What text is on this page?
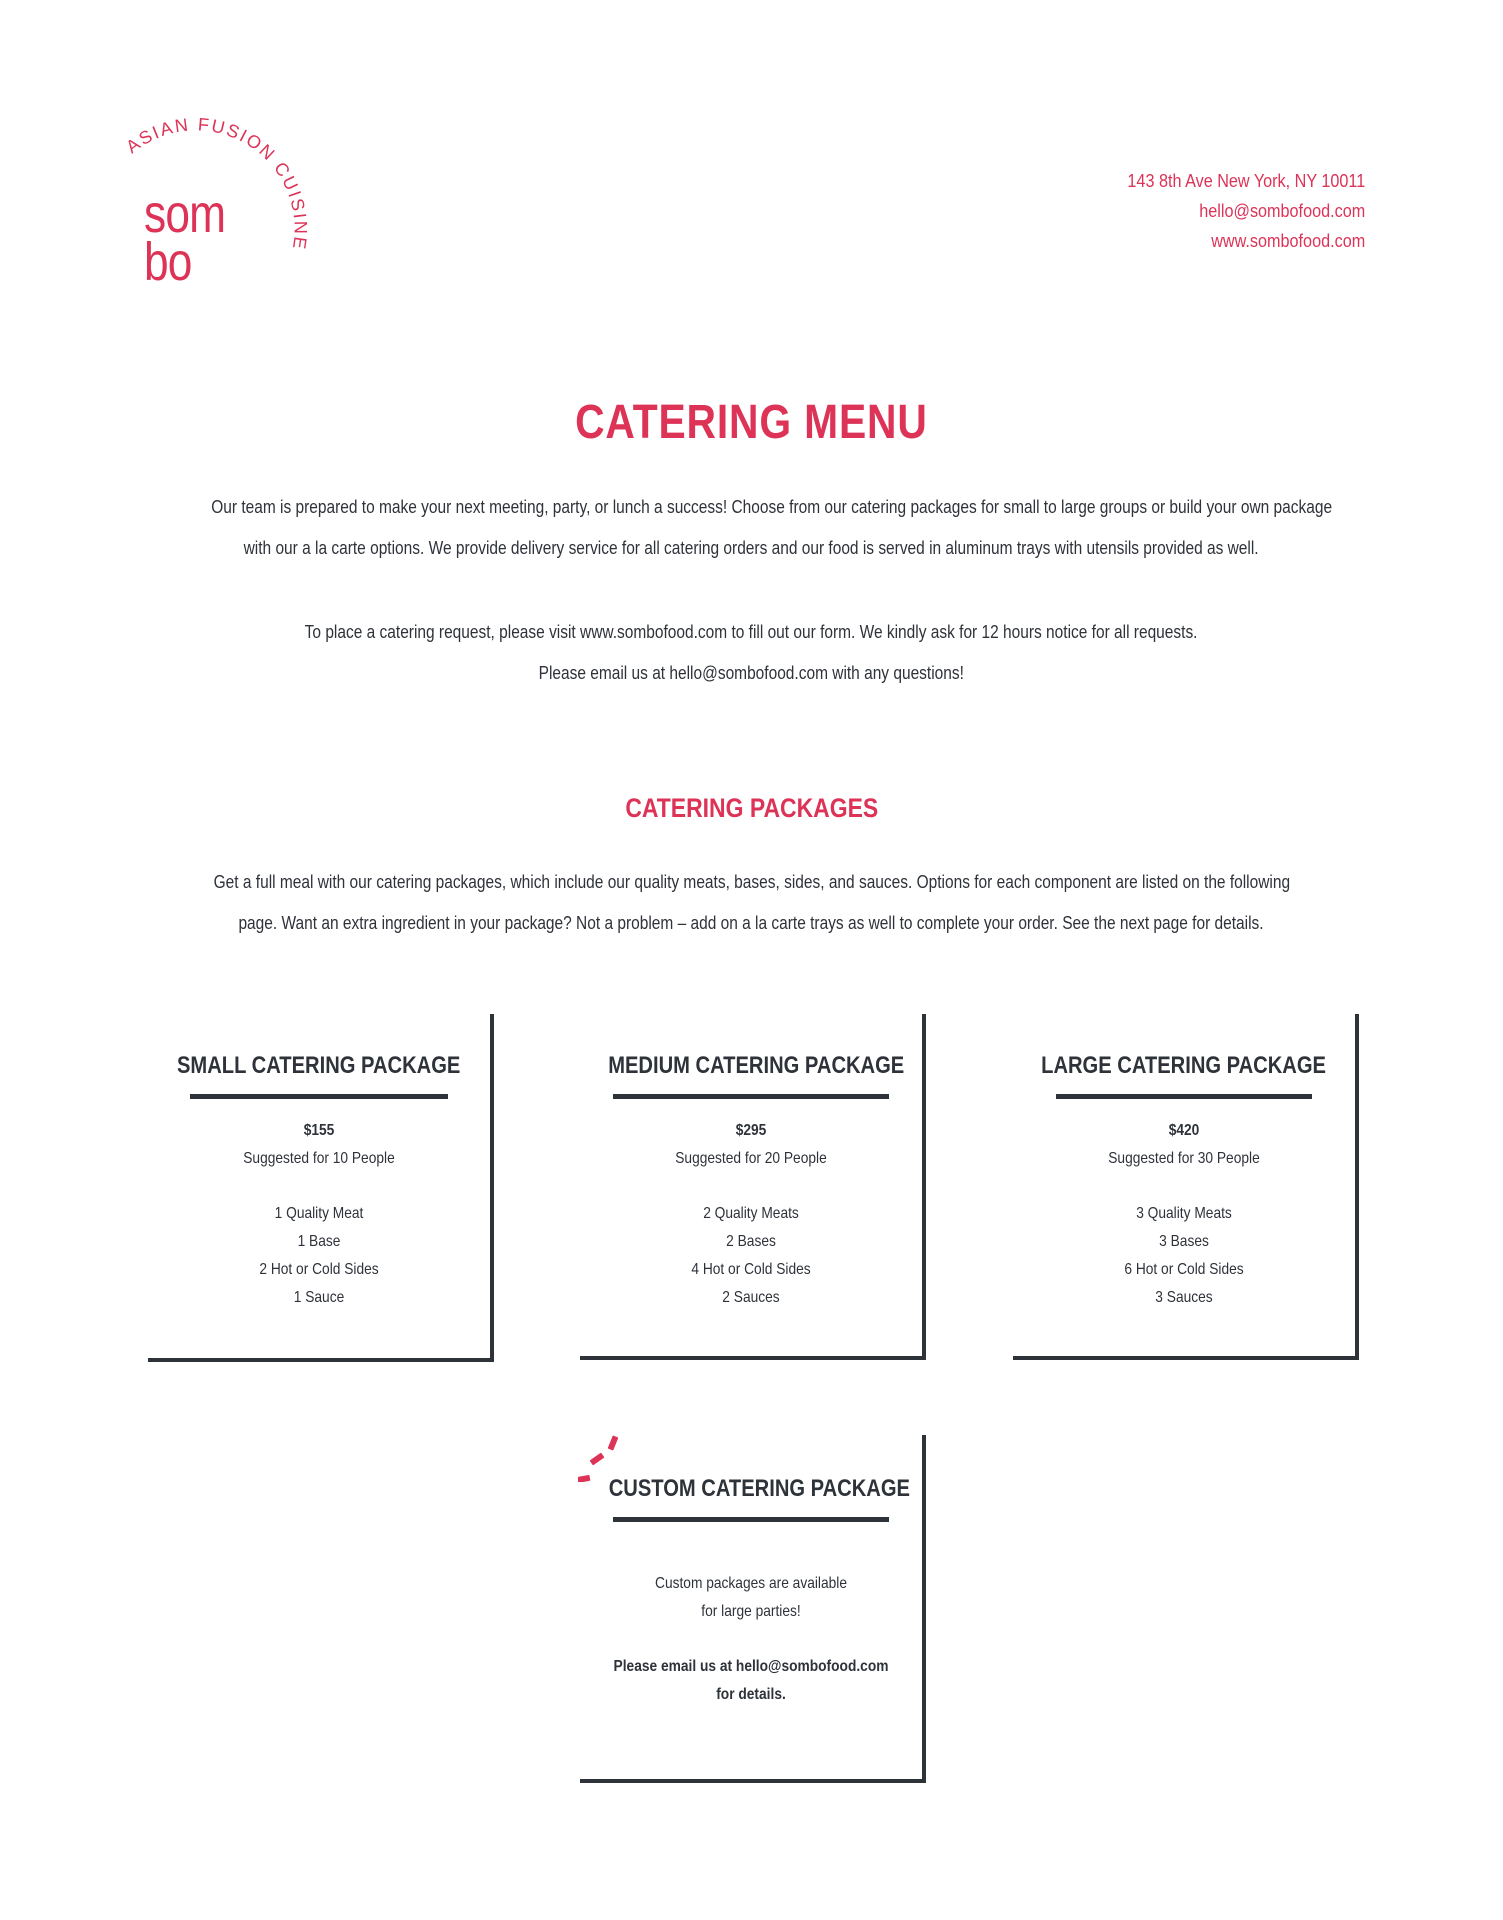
ASIAN FUSION CUISINE
som
bo
143 8th Ave New York, NY 10011
hello@sombofood.com
www.sombofood.com
CATERING MENU
Our team is prepared to make your next meeting, party, or lunch a success! Choose from our catering packages for small to large groups or build your own package
with our a la carte options. We provide delivery service for all catering orders and our food is served in aluminum trays with utensils provided as well.
To place a catering request, please visit www.sombofood.com to fill out our form. We kindly ask for 12 hours notice for all requests.
Please email us at hello@sombofood.com with any questions!
CATERING PACKAGES
Get a full meal with our catering packages, which include our quality meats, bases, sides, and sauces. Options for each component are listed on the following
page. Want an extra ingredient in your package? Not a problem – add on a la carte trays as well to complete your order. See the next page for details.
SMALL CATERING PACKAGE
$155
Suggested for 10 People
1 Quality Meat
1 Base
2 Hot or Cold Sides
1 Sauce
MEDIUM CATERING PACKAGE
$295
Suggested for 20 People
2 Quality Meats
2 Bases
4 Hot or Cold Sides
2 Sauces
LARGE CATERING PACKAGE
$420
Suggested for 30 People
3 Quality Meats
3 Bases
6 Hot or Cold Sides
3 Sauces
CUSTOM CATERING PACKAGE
Custom packages are available
for large parties!
Please email us at hello@sombofood.com
for details.
